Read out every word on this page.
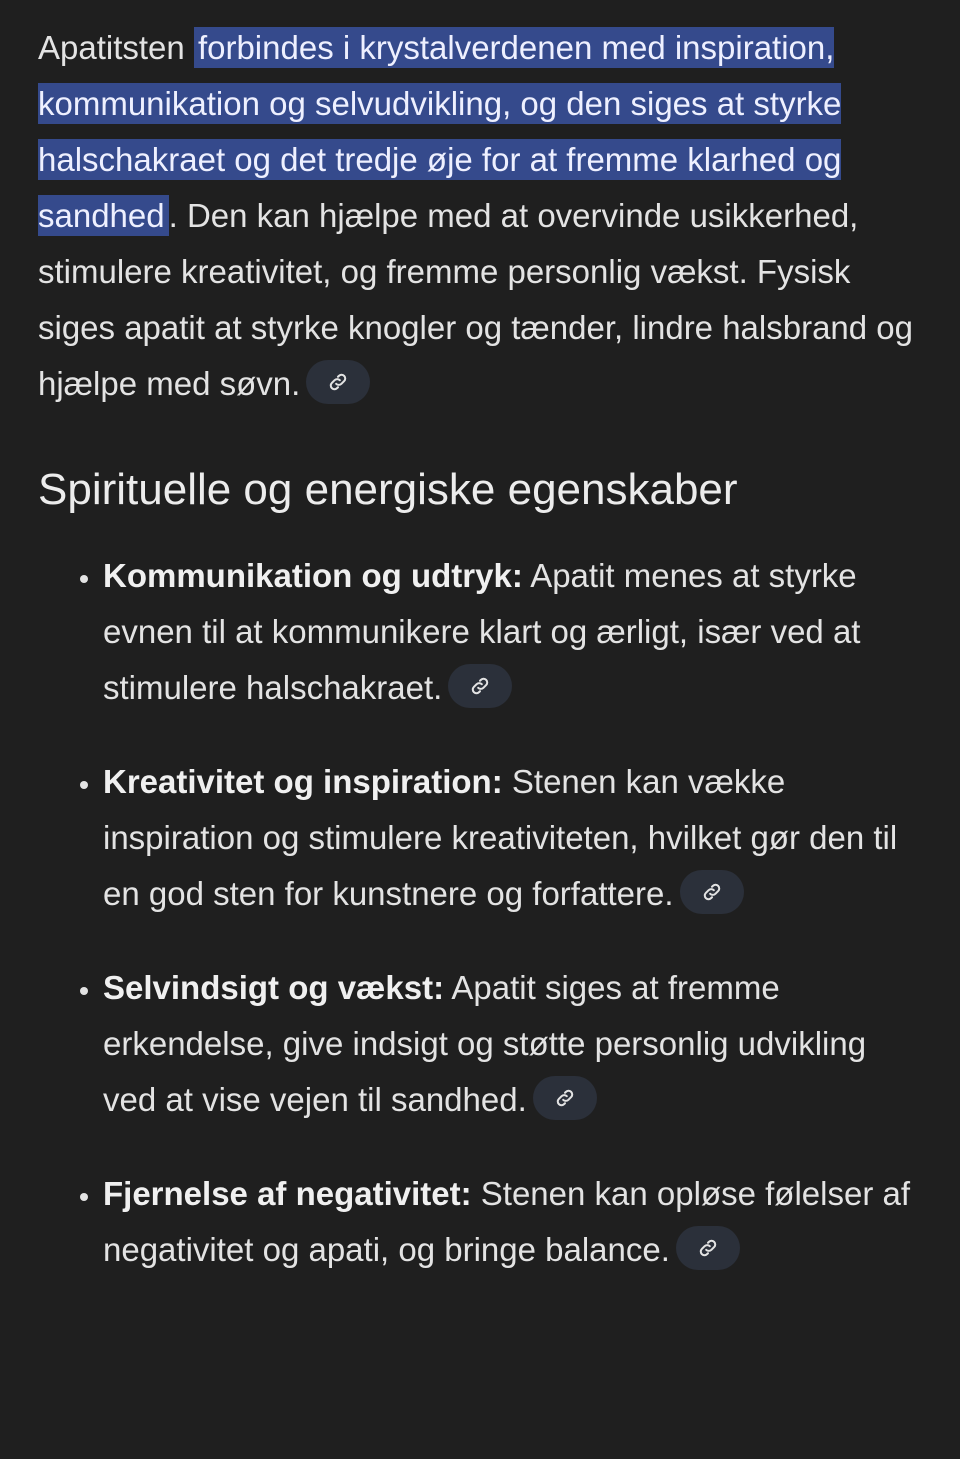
Apatitsten forbindes i krystalverdenen med inspiration, kommunikation og selvudvikling, og den siges at styrke halschakraet og det tredje øje for at fremme klarhed og sandhed . Den kan hjælpe med at overvinde usikkerhed, stimulere kreativitet, og fremme personlig vækst. Fysisk siges apatit at styrke knogler og tænder, lindre halsbrand og hjælpe med søvn.

Spirituelle og energiske egenskaber
• Kommunikation og udtryk: Apatit menes at styrke evnen til at kommunikere klart og ærligt, især ved at stimulere halschakraet.
• Kreativitet og inspiration: Stenen kan vække inspiration og stimulere kreativiteten, hvilket gør den til en god sten for kunstnere og forfattere.
• Selvindsigt og vækst: Apatit siges at fremme erkendelse, give indsigt og støtte personlig udvikling ved at vise vejen til sandhed.
• Fjernelse af negativitet: Stenen kan opløse følelser af negativitet og apati, og bringe balance.
